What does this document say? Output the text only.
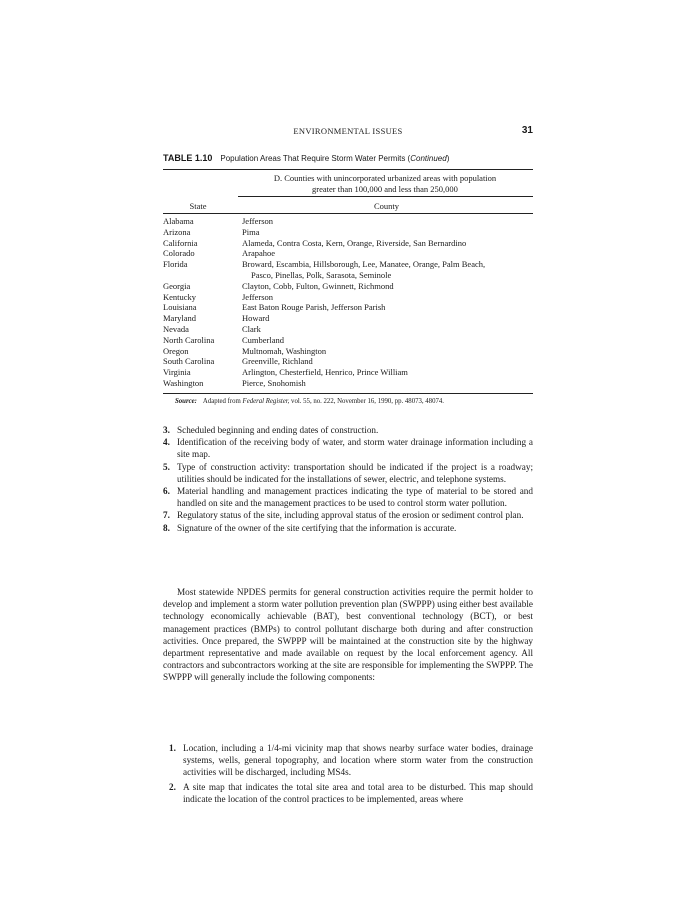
ENVIRONMENTAL ISSUES	31
TABLE 1.10 Population Areas That Require Storm Water Permits (Continued)
D. Counties with unincorporated urbanized areas with population
greater than 100,000 and less than 250,000
State	County
Alabama	Jefferson
Arizona	Pima
California	Alameda, Contra Costa, Kern, Orange, Riverside, San Bernardino
Colorado	Arapahoe
Florida	Broward, Escambia, Hillsborough, Lee, Manatee, Orange, Palm Beach,
Pasco, Pinellas, Polk, Sarasota, Seminole
Georgia	Clayton, Cobb, Fulton, Gwinnett, Richmond
Kentucky	Jefferson
Louisiana	East Baton Rouge Parish, Jefferson Parish
Maryland	Howard
Nevada	Clark
North Carolina	Cumberland
Oregon	Multnomah, Washington
South Carolina	Greenville, Richland
Virginia	Arlington, Chesterfield, Henrico, Prince William
Washington	Pierce, Snohomish
Source: Adapted from Federal Register, vol. 55, no. 222, November 16, 1990, pp. 48073, 48074.
3. Scheduled beginning and ending dates of construction.
4. Identification of the receiving body of water, and storm water drainage information including a site map.
5. Type of construction activity: transportation should be indicated if the project is a roadway; utilities should be indicated for the installations of sewer, electric, and telephone systems.
6. Material handling and management practices indicating the type of material to be stored and handled on site and the management practices to be used to control storm water pollution.
7. Regulatory status of the site, including approval status of the erosion or sediment control plan.
8. Signature of the owner of the site certifying that the information is accurate.
Most statewide NPDES permits for general construction activities require the permit holder to develop and implement a storm water pollution prevention plan (SWPPP) using either best available technology economically achievable (BAT), best conventional technology (BCT), or best management practices (BMPs) to control pollutant discharge both during and after construction activities. Once prepared, the SWPPP will be maintained at the construction site by the highway department representative and made available on request by the local enforcement agency. All contractors and subcontractors working at the site are responsible for implementing the SWPPP. The SWPPP will generally include the following components:
1. Location, including a 1/4-mi vicinity map that shows nearby surface water bodies, drainage systems, wells, general topography, and location where storm water from the construction activities will be discharged, including MS4s.
2. A site map that indicates the total site area and total area to be disturbed. This map should indicate the location of the control practices to be implemented, areas where
